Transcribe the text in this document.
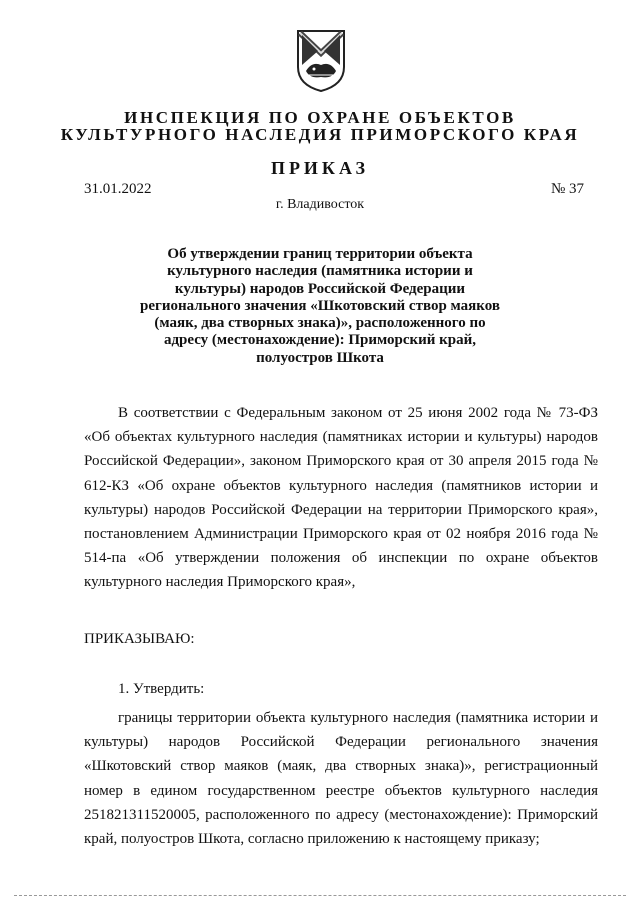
ИНСПЕКЦИЯ ПО ОХРАНЕ ОБЪЕКТОВ
КУЛЬТУРНОГО НАСЛЕДИЯ ПРИМОРСКОГО КРАЯ
ПРИКАЗ
31.01.2022	№ 37
г. Владивосток
Об утверждении границ территории объекта культурного наследия (памятника истории и культуры) народов Российской Федерации регионального значения «Шкотовский створ маяков (маяк, два створных знака)», расположенного по адресу (местонахождение): Приморский край, полуостров Шкота
В соответствии с Федеральным законом от 25 июня 2002 года № 73-ФЗ «Об объектах культурного наследия (памятниках истории и культуры) народов Российской Федерации», законом Приморского края от 30 апреля 2015 года № 612-КЗ «Об охране объектов культурного наследия (памятников истории и культуры) народов Российской Федерации на территории Приморского края», постановлением Администрации Приморского края от 02 ноября 2016 года № 514-па «Об утверждении положения об инспекции по охране объектов культурного наследия Приморского края»,
ПРИКАЗЫВАЮ:
1. Утвердить:
границы территории объекта культурного наследия (памятника истории и культуры) народов Российской Федерации регионального значения «Шкотовский створ маяков (маяк, два створных знака)», регистрационный номер в едином государственном реестре объектов культурного наследия 251821311520005, расположенного по адресу (местонахождение): Приморский край, полуостров Шкота, согласно приложению к настоящему приказу;
